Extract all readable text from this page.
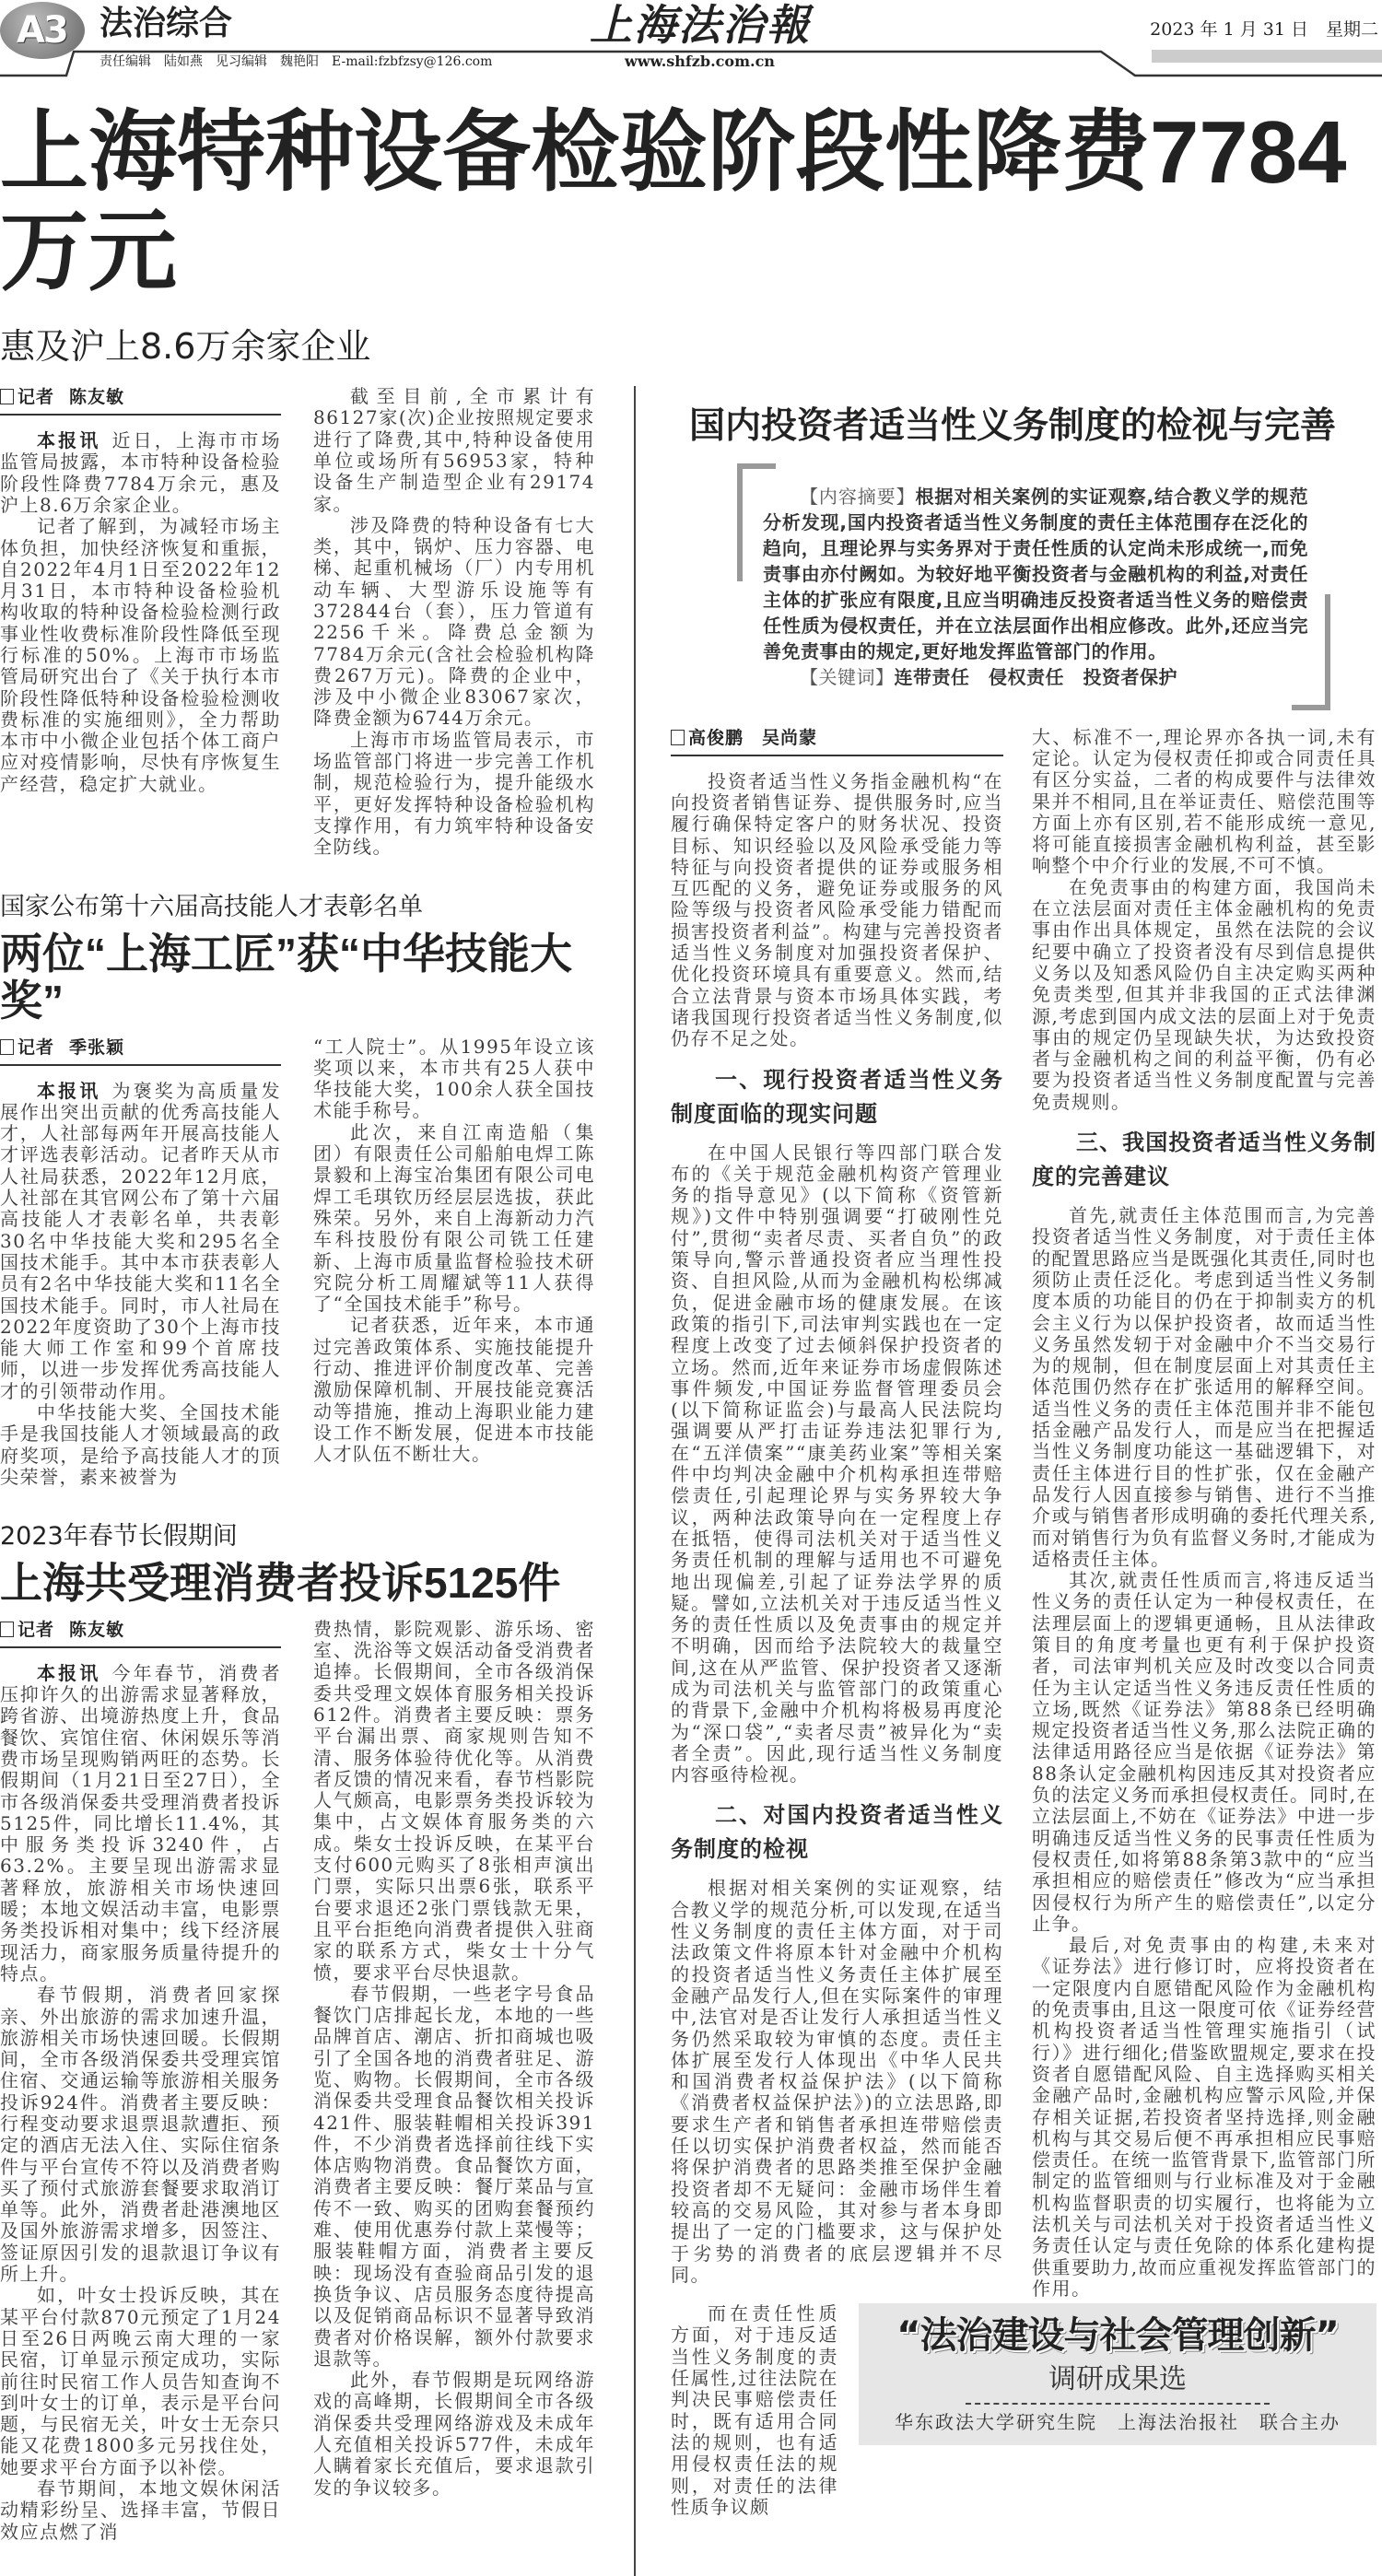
A3 法治综合
责任编辑　陆如燕　见习编辑　魏艳阳　E-mail:fzbfzsy@126.com
上海法治報
www.shfzb.com.cn
2023 年 1 月 31 日　星期二
上海特种设备检验阶段性降费7784万元
惠及沪上8.6万余家企业
记者 陈友敏

本报讯 近日，上海市市场监管局披露，本市特种设备检验阶段性降费7784万余元，惠及沪上8.6万余家企业。

记者了解到，为减轻市场主体负担，加快经济恢复和重振，自2022年4月1日至2022年12月31日，本市特种设备检验机构收取的特种设备检验检测行政事业性收费标准阶段性降低至现行标准的50%。上海市市场监管局研究出台了《关于执行本市阶段性降低特种设备检验检测收费标准的实施细则》，全力帮助本市中小微企业包括个体工商户应对疫情影响，尽快有序恢复生产经营，稳定扩大就业。

截至目前,全市累计有86127家(次)企业按照规定要求进行了降费,其中,特种设备使用单位或场所有56953家，特种设备生产制造型企业有29174家。

涉及降费的特种设备有七大类，其中，锅炉、压力容器、电梯、起重机械场（厂）内专用机动车辆、大型游乐设施等有372844台（套），压力管道有2256千米。降费总金额为7784万余元(含社会检验机构降费267万元)。降费的企业中，涉及中小微企业83067家次，降费金额为6744万余元。

上海市市场监管局表示，市场监管部门将进一步完善工作机制，规范检验行为，提升能级水平，更好发挥特种设备检验机构支撑作用，有力筑牢特种设备安全防线。

国家公布第十六届高技能人才表彰名单
两位“上海工匠”获“中华技能大奖”
记者 季张颖

本报讯 为褒奖为高质量发展作出突出贡献的优秀高技能人才，人社部每两年开展高技能人才评选表彰活动。记者昨天从市人社局获悉，2022年12月底，人社部在其官网公布了第十六届高技能人才表彰名单，共表彰30名中华技能大奖和295名全国技术能手。其中本市获表彰人员有2名中华技能大奖和11名全国技术能手。同时，市人社局在2022年度资助了30个上海市技能大师工作室和99个首席技师，以进一步发挥优秀高技能人才的引领带动作用。

中华技能大奖、全国技术能手是我国技能人才领域最高的政府奖项，是给予高技能人才的顶尖荣誉，素来被誉为

“工人院士”。从1995年设立该奖项以来，本市共有25人获中华技能大奖，100余人获全国技术能手称号。

此次，来自江南造船（集团）有限责任公司船舶电焊工陈景毅和上海宝冶集团有限公司电焊工毛琪钦历经层层选拔，获此殊荣。另外，来自上海新动力汽车科技股份有限公司铣工任建新、上海市质量监督检验技术研究院分析工周耀斌等11人获得了“全国技术能手”称号。

记者获悉，近年来，本市通过完善政策体系、实施技能提升行动、推进评价制度改革、完善激励保障机制、开展技能竞赛活动等措施，推动上海职业能力建设工作不断发展，促进本市技能人才队伍不断壮大。

2023年春节长假期间
上海共受理消费者投诉5125件
记者 陈友敏

本报讯 今年春节，消费者压抑许久的出游需求显著释放，跨省游、出境游热度上升，食品餐饮、宾馆住宿、休闲娱乐等消费市场呈现购销两旺的态势。长假期间（1月21日至27日），全市各级消保委共受理消费者投诉5125件，同比增长11.4%，其中服务类投诉3240件，占63.2%。主要呈现出游需求显著释放，旅游相关市场快速回暖；本地文娱活动丰富，电影票务类投诉相对集中；线下经济展现活力，商家服务质量待提升的特点。

春节假期，消费者回家探亲、外出旅游的需求加速升温，旅游相关市场快速回暖。长假期间，全市各级消保委共受理宾馆住宿、交通运输等旅游相关服务投诉924件。消费者主要反映：行程变动要求退票退款遭拒、预定的酒店无法入住、实际住宿条件与平台宣传不符以及消费者购买了预付式旅游套餐要求取消订单等。此外，消费者赴港澳地区及国外旅游需求增多，因签注、签证原因引发的退款退订争议有所上升。

如，叶女士投诉反映，其在某平台付款870元预定了1月24日至26日两晚云南大理的一家民宿，订单显示预定成功，实际前往时民宿工作人员告知查询不到叶女士的订单，表示是平台问题，与民宿无关，叶女士无奈只能又花费1800多元另找住处，她要求平台方面予以补偿。

春节期间，本地文娱休闲活动精彩纷呈、选择丰富，节假日效应点燃了消

费热情，影院观影、游乐场、密室、洗浴等文娱活动备受消费者追捧。长假期间，全市各级消保委共受理文娱体育服务相关投诉612件。消费者主要反映：票务平台漏出票、商家规则告知不清、服务体验待优化等。从消费者反馈的情况来看，春节档影院人气颇高，电影票务类投诉较为集中，占文娱体育服务类的六成。柴女士投诉反映，在某平台支付600元购买了8张相声演出门票，实际只出票6张，联系平台要求退还2张门票钱款无果，且平台拒绝向消费者提供入驻商家的联系方式，柴女士十分气愤，要求平台尽快退款。

春节假期，一些老字号食品餐饮门店排起长龙，本地的一些品牌首店、潮店、折扣商城也吸引了全国各地的消费者驻足、游览、购物。长假期间，全市各级消保委共受理食品餐饮相关投诉421件、服装鞋帽相关投诉391件，不少消费者选择前往线下实体店购物消费。食品餐饮方面，消费者主要反映：餐厅菜品与宣传不一致、购买的团购套餐预约难、使用优惠券付款上菜慢等；服装鞋帽方面，消费者主要反映：现场没有查验商品引发的退换货争议、店员服务态度待提高以及促销商品标识不显著导致消费者对价格误解，额外付款要求退款等。

此外，春节假期是玩网络游戏的高峰期，长假期间全市各级消保委共受理网络游戏及未成年人充值相关投诉577件，未成年人瞒着家长充值后，要求退款引发的争议较多。

国内投资者适当性义务制度的检视与完善

【内容摘要】根据对相关案例的实证观察,结合教义学的规范分析发现,国内投资者适当性义务制度的责任主体范围存在泛化的趋向，且理论界与实务界对于责任性质的认定尚未形成统一,而免责事由亦付阙如。为较好地平衡投资者与金融机构的利益,对责任主体的扩张应有限度,且应当明确违反投资者适当性义务的赔偿责任性质为侵权责任，并在立法层面作出相应修改。此外,还应当完善免责事由的规定,更好地发挥监管部门的作用。

【关键词】连带责任　侵权责任　投资者保护

高俊鹏　吴尚蒙

投资者适当性义务指金融机构“在向投资者销售证券、提供服务时,应当履行确保特定客户的财务状况、投资目标、知识经验以及风险承受能力等特征与向投资者提供的证券或服务相互匹配的义务，避免证券或服务的风险等级与投资者风险承受能力错配而损害投资者利益”。构建与完善投资者适当性义务制度对加强投资者保护、优化投资环境具有重要意义。然而,结合立法背景与资本市场具体实践，考诸我国现行投资者适当性义务制度,似仍存不足之处。

一、现行投资者适当性义务制度面临的现实问题

在中国人民银行等四部门联合发布的《关于规范金融机构资产管理业务的指导意见》(以下简称《资管新规》)文件中特别强调要“打破刚性兑付”,贯彻“卖者尽责、买者自负”的政策导向,警示普通投资者应当理性投资、自担风险,从而为金融机构松绑减负，促进金融市场的健康发展。在该政策的指引下,司法审判实践也在一定程度上改变了过去倾斜保护投资者的立场。然而,近年来证券市场虚假陈述事件频发,中国证券监督管理委员会(以下简称证监会)与最高人民法院均强调要从严打击证券违法犯罪行为,在“五洋债案”“康美药业案”等相关案件中均判决金融中介机构承担连带赔偿责任,引起理论界与实务界较大争议，两种法政策导向在一定程度上存在抵牾，使得司法机关对于适当性义务责任机制的理解与适用也不可避免地出现偏差,引起了证券法学界的质疑。譬如,立法机关对于违反适当性义务的责任性质以及免责事由的规定并不明确，因而给予法院较大的裁量空间,这在从严监管、保护投资者又逐渐成为司法机关与监管部门的政策重心的背景下,金融中介机构将极易再度沦为“深口袋”,“卖者尽责”被异化为“卖者全责”。因此,现行适当性义务制度内容亟待检视。

二、对国内投资者适当性义务制度的检视

根据对相关案例的实证观察，结合教义学的规范分析,可以发现,在适当性义务制度的责任主体方面，对于司法政策文件将原本针对金融中介机构的投资者适当性义务责任主体扩展至金融产品发行人,但在实际案件的审理中,法官对是否让发行人承担适当性义务仍然采取较为审慎的态度。责任主体扩展至发行人体现出《中华人民共和国消费者权益保护法》(以下简称《消费者权益保护法》)的立法思路,即要求生产者和销售者承担连带赔偿责任以切实保护消费者权益，然而能否将保护消费者的思路类推至保护金融投资者却不无疑问：金融市场伴生着较高的交易风险，其对参与者本身即提出了一定的门槛要求，这与保护处于劣势的消费者的底层逻辑并不尽同。

大、标准不一,理论界亦各执一词,未有定论。认定为侵权责任抑或合同责任具有区分实益，二者的构成要件与法律效果并不相同,且在举证责任、赔偿范围等方面上亦有区别,若不能形成统一意见,将可能直接损害金融机构利益，甚至影响整个中介行业的发展,不可不慎。

在免责事由的构建方面，我国尚未在立法层面对责任主体金融机构的免责事由作出具体规定，虽然在法院的会议纪要中确立了投资者没有尽到信息提供义务以及知悉风险仍自主决定购买两种免责类型,但其并非我国的正式法律渊源,考虑到国内成文法的层面上对于免责事由的规定仍呈现缺失状，为达致投资者与金融机构之间的利益平衡，仍有必要为投资者适当性义务制度配置与完善免责规则。

三、我国投资者适当性义务制度的完善建议

首先,就责任主体范围而言,为完善投资者适当性义务制度，对于责任主体的配置思路应当是既强化其责任,同时也须防止责任泛化。考虑到适当性义务制度本质的功能目的仍在于抑制卖方的机会主义行为以保护投资者，故而适当性义务虽然发轫于对金融中介不当交易行为的规制，但在制度层面上对其责任主体范围仍然存在扩张适用的解释空间。适当性义务的责任主体范围并非不能包括金融产品发行人，而是应当在把握适当性义务制度功能这一基础逻辑下，对责任主体进行目的性扩张，仅在金融产品发行人因直接参与销售、进行不当推介或与销售者形成明确的委托代理关系,而对销售行为负有监督义务时,才能成为适格责任主体。

其次,就责任性质而言,将违反适当性义务的责任认定为一种侵权责任，在法理层面上的逻辑更通畅，且从法律政策目的角度考量也更有利于保护投资者，司法审判机关应及时改变以合同责任为主认定适当性义务违反责任性质的立场,既然《证券法》第88条已经明确规定投资者适当性义务,那么法院正确的法律适用路径应当是依据《证券法》第88条认定金融机构因违反其对投资者应负的法定义务而承担侵权责任。同时,在立法层面上,不妨在《证券法》中进一步明确违反适当性义务的民事责任性质为侵权责任,如将第88条第3款中的“应当承担相应的赔偿责任”修改为“应当承担因侵权行为所产生的赔偿责任”,以定分止争。

最后,对免责事由的构建,未来对《证券法》进行修订时，应将投资者在一定限度内自愿错配风险作为金融机构的免责事由,且这一限度可依《证券经营机构投资者适当性管理实施指引（试行）》进行细化;借鉴欧盟规定,要求在投资者自愿错配风险、自主选择购买相关金融产品时,金融机构应警示风险,并保存相关证据,若投资者坚持选择,则金融机构与其交易后便不再承担相应民事赔偿责任。在统一监管背景下,监管部门所制定的监管细则与行业标准及对于金融机构监督职责的切实履行，也将能为立法机关与司法机关对于投资者适当性义务责任认定与责任免除的体系化建构提供重要助力,故而应重视发挥监管部门的作用。

而在责任性质方面，对于违反适当性义务制度的责任属性,过往法院在判决民事赔偿责任时，既有适用合同法的规则，也有适用侵权责任法的规则，对责任的法律性质争议颇

“法治建设与社会管理创新”
调研成果选
华东政法大学研究生院　上海法治报社　联合主办
